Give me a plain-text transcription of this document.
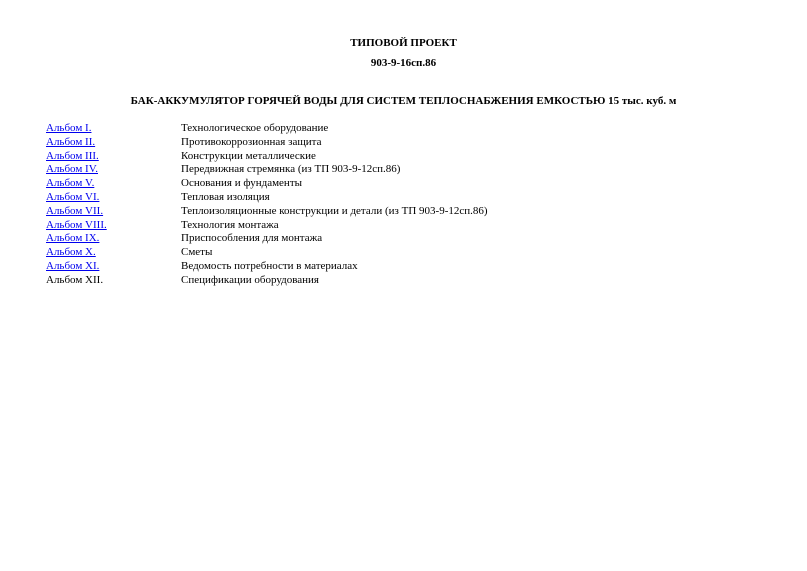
ТИПОВОЙ ПРОЕКТ
903-9-16сп.86
БАК-АККУМУЛЯТОР ГОРЯЧЕЙ ВОДЫ ДЛЯ СИСТЕМ ТЕПЛОСНАБЖЕНИЯ ЕМКОСТЬЮ 15 тыс. куб. м
Альбом I.	Технологическое оборудование
Альбом II.	Противокоррозионная защита
Альбом III.	Конструкции металлические
Альбом IV.	Передвижная стремянка (из ТП 903-9-12сп.86)
Альбом V.	Основания и фундаменты
Альбом VI.	Тепловая изоляция
Альбом VII.	Теплоизоляционные конструкции и детали (из ТП 903-9-12сп.86)
Альбом VIII.	Технология монтажа
Альбом IX.	Приспособления для монтажа
Альбом X.	Сметы
Альбом XI.	Ведомость потребности в материалах
Альбом XII.	Спецификации оборудования
